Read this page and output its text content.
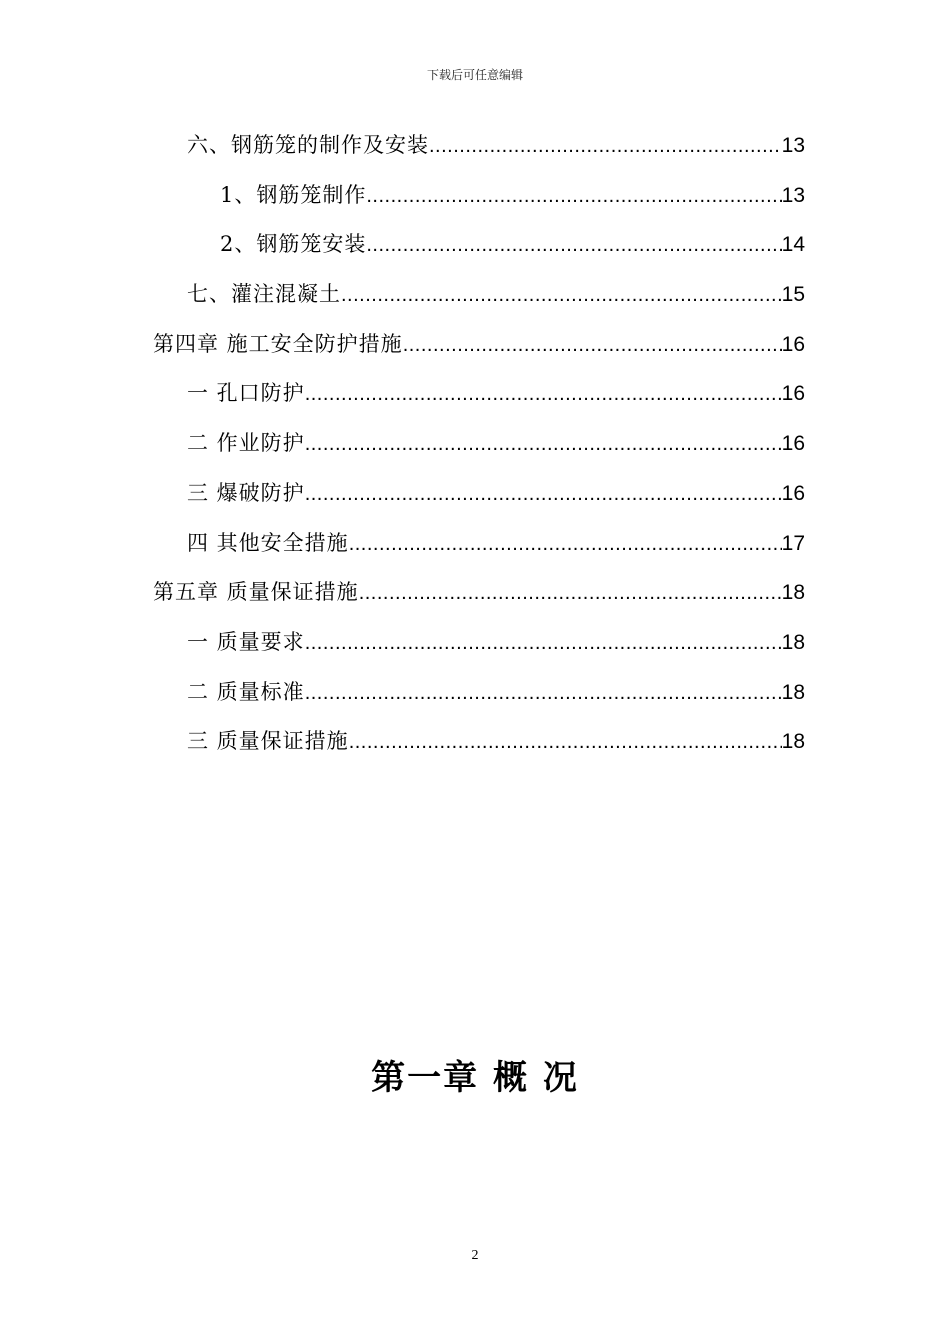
下载后可任意编辑
六、钢筋笼的制作及安装 .....	13
1、钢筋笼制作 .....	13
2、钢筋笼安装 .....	14
七、灌注混凝土 .....	15
第四章 施工安全防护措施 .....	16
一 孔口防护 .....	16
二 作业防护 .....	16
三 爆破防护 .....	16
四 其他安全措施 .....	17
第五章 质量保证措施 .....	18
一 质量要求 .....	18
二 质量标准 .....	18
三 质量保证措施 .....	18
第一章 概 况
2
